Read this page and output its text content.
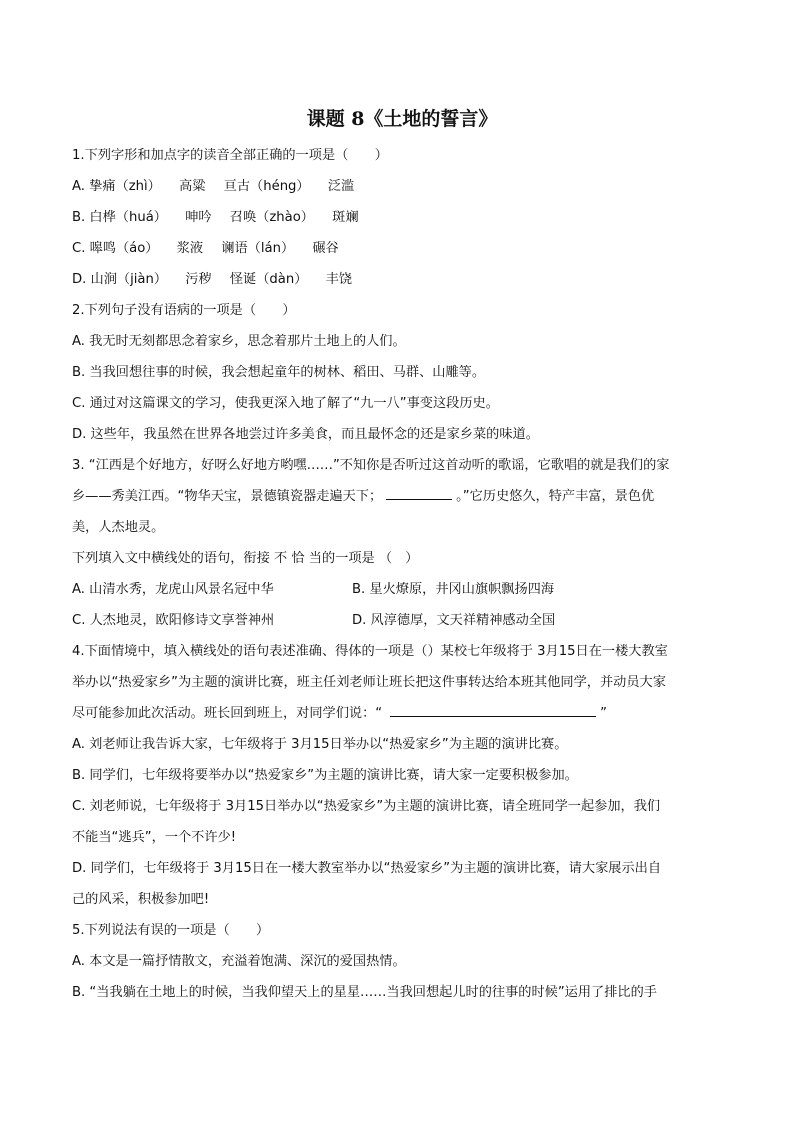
课题 8《土地的誓言》
1.下列字形和加点字的读音全部正确的一项是（　　）
A. 挚痛（zhì） 高粱 亘古（héng） 泛滥
B. 白桦（huá） 呻吟 召唤（zhào） 斑斓
C. 嗥鸣（áo） 浆液 谰语（lán） 碾谷
D. 山涧（jiàn） 污秽 怪诞（dàn） 丰饶
2.下列句子没有语病的一项是（　　）
A. 我无时无刻都思念着家乡，思念着那片土地上的人们。
B. 当我回想往事的时候，我会想起童年的树林、稻田、马群、山雕等。
C. 通过对这篇课文的学习，使我更深入地了解了“九一八”事变这段历史。
D. 这些年，我虽然在世界各地尝过许多美食，而且最怀念的还是家乡菜的味道。
3. “江西是个好地方，好呀么好地方哟嘿……”不知你是否听过这首动听的歌谣，它歌唱的就是我们的家
乡——秀美江西。“物华天宝，景德镇瓷器走遍天下；	。”它历史悠久，特产丰富，景色优
美，人杰地灵。
下列填入文中横线处的语句，衔接 不 恰 当的一项是 （　）
A. 山清水秀，龙虎山风景名冠中华	B. 星火燎原，井冈山旗帜飘扬四海
C. 人杰地灵，欧阳修诗文享誉神州	D. 风淳德厚，文天祥精神感动全国
4.下面情境中，填入横线处的语句表述准确、得体的一项是（）某校七年级将于 3月15日在一楼大教室
举办以“热爱家乡”为主题的演讲比赛，班主任刘老师让班长把这件事转达给本班其他同学，并动员大家
尽可能参加此次活动。班长回到班上，对同学们说：“	”
A. 刘老师让我告诉大家，七年级将于 3月15日举办以“热爱家乡”为主题的演讲比赛。
B. 同学们，七年级将要举办以“热爱家乡”为主题的演讲比赛，请大家一定要积极参加。
C. 刘老师说，七年级将于 3月15日举办以“热爱家乡”为主题的演讲比赛，请全班同学一起参加，我们
不能当“逃兵”，一个不许少!
D. 同学们，七年级将于 3月15日在一楼大教室举办以“热爱家乡”为主题的演讲比赛，请大家展示出自
己的风采，积极参加吧!
5.下列说法有误的一项是（　　）
A. 本文是一篇抒情散文，充溢着饱满、深沉的爱国热情。
B. “当我躺在土地上的时候，当我仰望天上的星星……当我回想起儿时的往事的时候”运用了排比的手
